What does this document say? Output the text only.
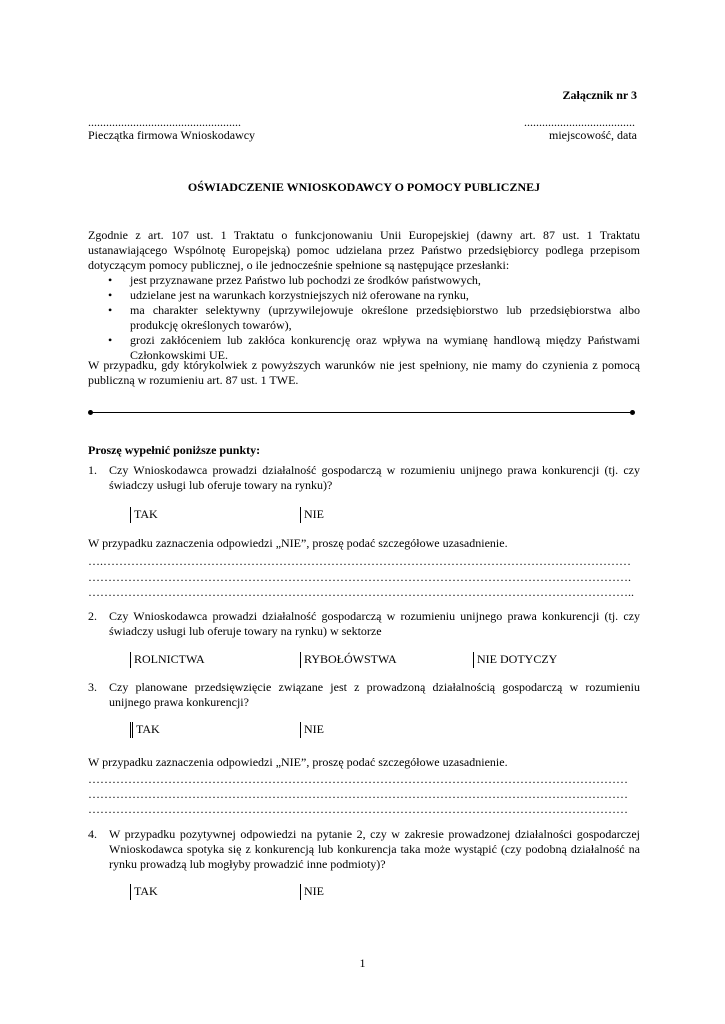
Załącznik nr 3
...................................................	.....................................
Pieczątka firmowa Wnioskodawcy	miejscowość, data
OŚWIADCZENIE WNIOSKODAWCY O POMOCY PUBLICZNEJ
Zgodnie z art. 107 ust. 1 Traktatu o funkcjonowaniu Unii Europejskiej (dawny art. 87 ust. 1 Traktatu ustanawiającego Wspólnotę Europejską) pomoc udzielana przez Państwo przedsiębiorcy podlega przepisom dotyczącym pomocy publicznej, o ile jednocześnie spełnione są następujące przesłanki:
• jest przyznawane przez Państwo lub pochodzi ze środków państwowych,
• udzielane jest na warunkach korzystniejszych niż oferowane na rynku,
• ma charakter selektywny (uprzywilejowuje określone przedsiębiorstwo lub przedsiębiorstwa albo produkcję określonych towarów),
• grozi zakłóceniem lub zakłóca konkurencję oraz wpływa na wymianę handlową między Państwami Członkowskimi UE.
W przypadku, gdy którykolwiek z powyższych warunków nie jest spełniony, nie mamy do czynienia z pomocą publiczną w rozumieniu art. 87 ust. 1 TWE.
Proszę wypełnić poniższe punkty:
1. Czy Wnioskodawca prowadzi działalność gospodarczą w rozumieniu unijnego prawa konkurencji (tj. czy świadczy usługi lub oferuje towary na rynku)?
TAK	NIE
W przypadku zaznaczenia odpowiedzi „NIE”, proszę podać szczegółowe uzasadnienie.
….……………………………………………………………………………………………………………………
……………………………………………………………………………………………………………………….
………………………………………………………………………………………………………………………..
2. Czy Wnioskodawca prowadzi działalność gospodarczą w rozumieniu unijnego prawa konkurencji (tj. czy świadczy usługi lub oferuje towary na rynku) w sektorze
ROLNICTWA	RYBOŁÓWSTWA	NIE DOTYCZY
3. Czy planowane przedsięwzięcie związane jest z prowadzoną działalnością gospodarczą w rozumieniu unijnego prawa konkurencji?
TAK	NIE
W przypadku zaznaczenia odpowiedzi „NIE”, proszę podać szczegółowe uzasadnienie.
………………………………………………………………………………………………………………………
………………………………………………………………………………………………………………………
………………………………………………………………………………………………………………………
4. W przypadku pozytywnej odpowiedzi na pytanie 2, czy w zakresie prowadzonej działalności gospodarczej Wnioskodawca spotyka się z konkurencją lub konkurencja taka może wystąpić (czy podobną działalność na rynku prowadzą lub mogłyby prowadzić inne podmioty)?
TAK	NIE
1
